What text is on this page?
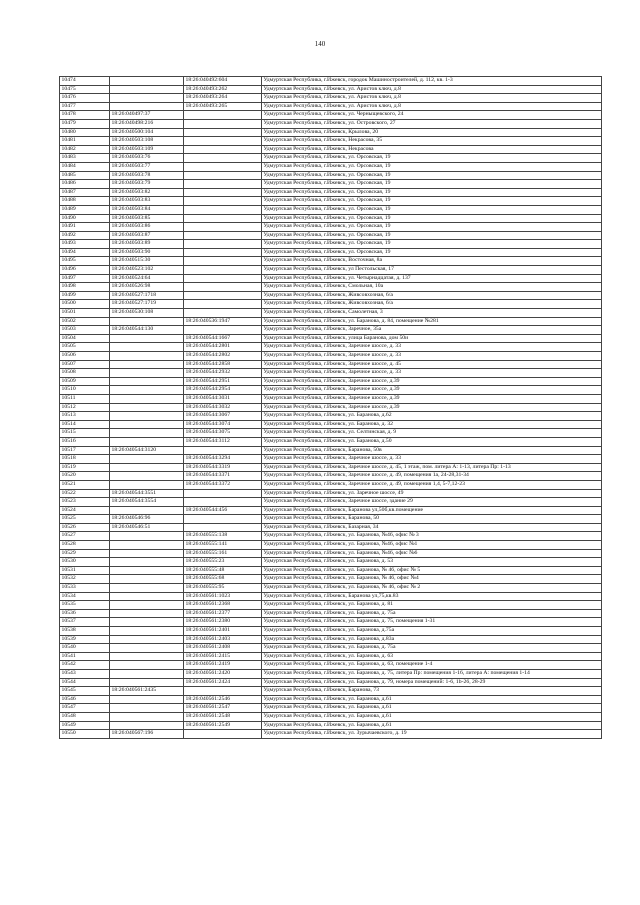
140
10474		18:26:040492:604	Удмуртская Республика, г.Ижевск, городок Машиностроителей, д. 112, кв. 1-3
10475		18:26:040493:262	Удмуртская Республика, г.Ижевск, ул. Аристов ключ, д.8
10476		18:26:040493:264	Удмуртская Республика, г.Ижевск, ул. Аристов ключ, д.8
10477		18:26:040493:265	Удмуртская Республика, г.Ижевск, ул. Аристов ключ, д.8
10478	18:26:040497:37		Удмуртская Республика, г.Ижевск, ул. Черныщевского, 24
10479	18:26:040498:216		Удмуртская Республика, г.Ижевск, ул. Островского, 27
10480	18:26:040500:104		Удмуртская Республика, г.Ижевск, Крылова, 20
10481	18:26:040503:108		Удмуртская Республика, г.Ижевск, Некрасова, 35
10482	18:26:040503:109		Удмуртская Республика, г.Ижевск, Некрасова
10483	18:26:040503:76		Удмуртская Республика, г.Ижевск, ул. Орсовская, 19
10484	18:26:040503:77		Удмуртская Республика, г.Ижевск, ул. Орсовская, 19
10485	18:26:040503:78		Удмуртская Республика, г.Ижевск, ул. Орсовская, 19
10486	18:26:040503:79		Удмуртская Республика, г.Ижевск, ул. Орсовская, 19
10487	18:26:040503:82		Удмуртская Республика, г.Ижевск, ул. Орсовская, 19
10488	18:26:040503:83		Удмуртская Республика, г.Ижевск, ул. Орсовская, 19
10489	18:26:040503:84		Удмуртская Республика, г.Ижевск, ул. Орсовская, 19
10490	18:26:040503:85		Удмуртская Республика, г.Ижевск, ул. Орсовская, 19
10491	18:26:040503:86		Удмуртская Республика, г.Ижевск, ул. Орсовская, 19
10492	18:26:040503:87		Удмуртская Республика, г.Ижевск, ул. Орсовская, 19
10493	18:26:040503:89		Удмуртская Республика, г.Ижевск, ул. Орсовская, 19
10494	18:26:040503:90		Удмуртская Республика, г.Ижевск, ул. Орсовская, 19
10495	18:26:040515:30		Удмуртская Республика, г.Ижевск, Восточная, 8а
10496	18:26:040523:102		Удмуртская Республика, г.Ижевск, ул Пестольская, 17
10497	18:26:040524:64		Удмуртская Республика, г.Ижевск, ул. Четырнадцатая, д. 137
10498	18:26:040526:98		Удмуртская Республика, г.Ижевск, Смольная, 10а
10499	18:26:040527:1718		Удмуртская Республика, г.Ижевск, Живсовхозная, 6/а
10500	18:26:040527:1719		Удмуртская Республика, г.Ижевск, Живсовхозная, 6/а
10501	18:26:040530:108		Удмуртская Республика, г.Ижевск, Самолетная, 3
10502		18:26:040536:1947	Удмуртская Республика, г.Ижевск, ул. Баранова, д. 84, помещение №281
10503	18:26:040544:130		Удмуртская Республика, г.Ижевск, Заречное, 35а
10504		18:26:040544:1667	Удмуртская Республика, г.Ижевск, улица Баранова, дом 50и
10505		18:26:040544:2801	Удмуртская Республика, г.Ижевск, Заречное шоссе, д. 33
10506		18:26:040544:2802	Удмуртская Республика, г.Ижевск, Заречное шоссе, д. 33
10507		18:26:040544:2858	Удмуртская Республика, г.Ижевск, Заречное шоссе, д. 45
10508		18:26:040544:2932	Удмуртская Республика, г.Ижевск, Заречное шоссе, д. 33
10509		18:26:040544:2951	Удмуртская Республика, г.Ижевск, Заречное шоссе, д.39
10510		18:26:040544:2954	Удмуртская Республика, г.Ижевск, Заречное шоссе, д.39
10511		18:26:040544:3031	Удмуртская Республика, г.Ижевск, Заречное шоссе, д.39
10512		18:26:040544:3032	Удмуртская Республика, г.Ижевск, Заречное шоссе, д.39
10513		18:26:040544:3067	Удмуртская Республика, г.Ижевск, ул. Баранова, д.62
10514		18:26:040544:3074	Удмуртская Республика, г.Ижевск, ул. Баранова, д. 32
10515		18:26:040544:3075	Удмуртская Республика, г.Ижевск, ул. Селтинская, д. 9
10516		18:26:040544:3112	Удмуртская Республика, г.Ижевск, ул. Баранова, д.50
10517	18:26:040544:3120		Удмуртская Республика, г.Ижевск, Баранова, 50в
10518		18:26:040544:3294	Удмуртская Республика, г.Ижевск, Заречное шоссе, д. 33
10519		18:26:040544:3319	Удмуртская Республика, г.Ижевск, Заречное шоссе, д. 45, 1 этаж, пом. литера А: 1-13, литера Пр: 1-13
10520		18:26:040544:3371	Удмуртская Республика, г.Ижевск, Заречное шоссе, д. 49, помещения 1а, 24-28,31-34
10521		18:26:040544:3372	Удмуртская Республика, г.Ижевск, Заречное шоссе, д. 49, помещения 1,4, 5-7,12-23
10522	18:26:040544:3551		Удмуртская Республика, г.Ижевск, ул. Заречное шоссе, 49
10523	18:26:040544:3554		Удмуртская Республика, г.Ижевск, Заречное шоссе, здание 29
10524		18:26:040544:456	Удмуртская Республика, г.Ижевск, Баранова ул,50б,кв.помещение
10525	18:26:040546:96		Удмуртская Республика, г.Ижевск, Баранова, 50
10526	18:26:040546:51		Удмуртская Республика, г.Ижевск, Базарная, 34
10527		18:26:040555:138	Удмуртская Республика, г.Ижевск, ул. Баранова, №46, офис № 3
10528		18:26:040555:141	Удмуртская Республика, г.Ижевск, ул. Баранова, №46, офис №1
10529		18:26:040555:161	Удмуртская Республика, г.Ижевск, ул. Баранова, №46, офис №6
10530		18:26:040555:23	Удмуртская Республика, г.Ижевск, ул. Баранова, д. 53
10531		18:26:040555:48	Удмуртская Республика, г.Ижевск, ул. Баранова, № 46, офис № 5
10532		18:26:040555:68	Удмуртская Республика, г.Ижевск, ул. Баранова, № 46, офис №4
10533		18:26:040555:95	Удмуртская Республика, г.Ижевск, ул. Баранова, № 46, офис № 2
10534		18:26:040561:1023	Удмуртская Республика, г.Ижевск, Баранова ул,75,кв.83
10535		18:26:040561:2368	Удмуртская Республика, г.Ижевск, ул. Баранова, д. 81
10536		18:26:040561:2377	Удмуртская Республика, г.Ижевск, ул. Баранова, д. 75а
10537		18:26:040561:2380	Удмуртская Республика, г.Ижевск, ул. Баранова, д. 75, помещения 1-31
10538		18:26:040561:2401	Удмуртская Республика, г.Ижевск, ул. Баранова, д.75а
10539		18:26:040561:2403	Удмуртская Республика, г.Ижевск, ул. Баранова, д.83а
10540		18:26:040561:2408	Удмуртская Республика, г.Ижевск, ул. Баранова, д. 75а
10541		18:26:040561:2415	Удмуртская Республика, г.Ижевск, ул. Баранова, д. 63
10542		18:26:040561:2419	Удмуртская Республика, г.Ижевск, ул. Баранова, д. 63, помещение 1-4
10543		18:26:040561:2420	Удмуртская Республика, г.Ижевск, ул. Баранова, д. 75, литера Пр: помещения 1-16, литера А: помещения 1-14
10544		18:26:040561:2424	Удмуртская Республика, г.Ижевск, ул. Баранова, д. 79, номера помещений: 1-6, 1b-26, 28-29
10545	18:26:040561:2435		Удмуртская Республика, г.Ижевск, Баранова, 73
10546		18:26:040561:2546	Удмуртская Республика, г.Ижевск, ул. Баранова, д.61
10547		18:26:040561:2547	Удмуртская Республика, г.Ижевск, ул. Баранова, д.61
10548		18:26:040561:2548	Удмуртская Республика, г.Ижевск, ул. Баранова, д.61
10549		18:26:040561:2549	Удмуртская Республика, г.Ижевск, ул. Баранова, д.61
10550	18:26:040567:196		Удмуртская Республика, г.Ижевск, ул. Зурычаевского, д. 19
